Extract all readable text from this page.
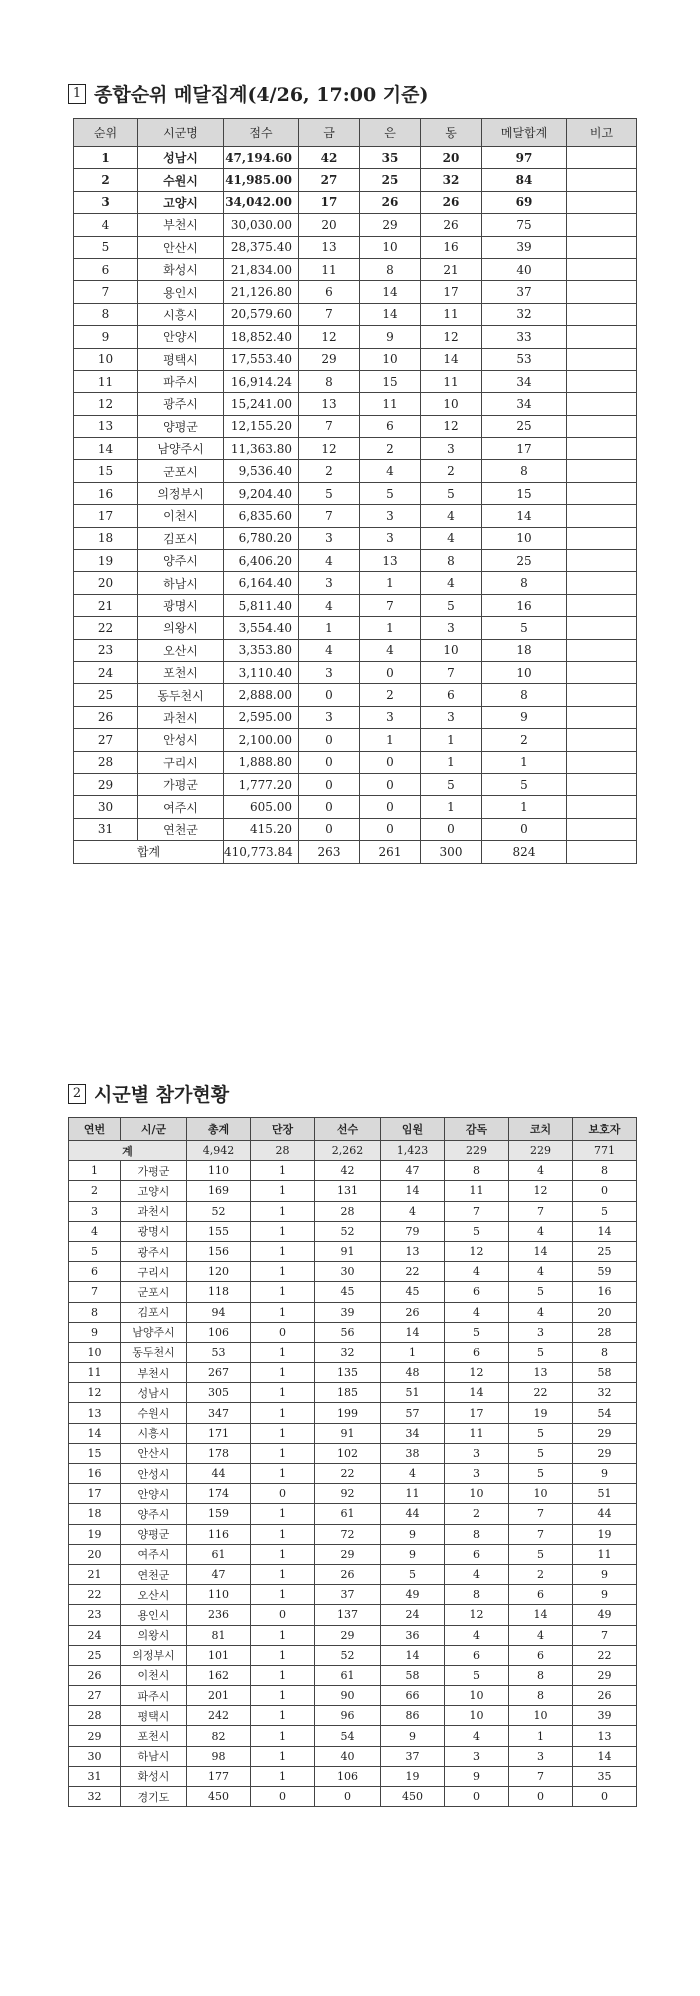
1 종합순위 메달집계(4/26, 17:00 기준)
순위	시군명	점수	금	은	동	메달합계	비고
1	성남시	47,194.60	42	35	20	97	
2	수원시	41,985.00	27	25	32	84	
3	고양시	34,042.00	17	26	26	69	
4	부천시	30,030.00	20	29	26	75	
5	안산시	28,375.40	13	10	16	39	
6	화성시	21,834.00	11	8	21	40	
7	용인시	21,126.80	6	14	17	37	
8	시흥시	20,579.60	7	14	11	32	
9	안양시	18,852.40	12	9	12	33	
10	평택시	17,553.40	29	10	14	53	
11	파주시	16,914.24	8	15	11	34	
12	광주시	15,241.00	13	11	10	34	
13	양평군	12,155.20	7	6	12	25	
14	남양주시	11,363.80	12	2	3	17	
15	군포시	9,536.40	2	4	2	8	
16	의정부시	9,204.40	5	5	5	15	
17	이천시	6,835.60	7	3	4	14	
18	김포시	6,780.20	3	3	4	10	
19	양주시	6,406.20	4	13	8	25	
20	하남시	6,164.40	3	1	4	8	
21	광명시	5,811.40	4	7	5	16	
22	의왕시	3,554.40	1	1	3	5	
23	오산시	3,353.80	4	4	10	18	
24	포천시	3,110.40	3	0	7	10	
25	동두천시	2,888.00	0	2	6	8	
26	과천시	2,595.00	3	3	3	9	
27	안성시	2,100.00	0	1	1	2	
28	구리시	1,888.80	0	0	1	1	
29	가평군	1,777.20	0	0	5	5	
30	여주시	605.00	0	0	1	1	
31	연천군	415.20	0	0	0	0	
합계		410,773.84	263	261	300	824	
2 시군별 참가현황
연번	시/군	총계	단장	선수	임원	감독	코치	보호자
계		4,942	28	2,262	1,423	229	229	771
1	가평군	110	1	42	47	8	4	8
2	고양시	169	1	131	14	11	12	0
3	과천시	52	1	28	4	7	7	5
4	광명시	155	1	52	79	5	4	14
5	광주시	156	1	91	13	12	14	25
6	구리시	120	1	30	22	4	4	59
7	군포시	118	1	45	45	6	5	16
8	김포시	94	1	39	26	4	4	20
9	남양주시	106	0	56	14	5	3	28
10	동두천시	53	1	32	1	6	5	8
11	부천시	267	1	135	48	12	13	58
12	성남시	305	1	185	51	14	22	32
13	수원시	347	1	199	57	17	19	54
14	시흥시	171	1	91	34	11	5	29
15	안산시	178	1	102	38	3	5	29
16	안성시	44	1	22	4	3	5	9
17	안양시	174	0	92	11	10	10	51
18	양주시	159	1	61	44	2	7	44
19	양평군	116	1	72	9	8	7	19
20	여주시	61	1	29	9	6	5	11
21	연천군	47	1	26	5	4	2	9
22	오산시	110	1	37	49	8	6	9
23	용인시	236	0	137	24	12	14	49
24	의왕시	81	1	29	36	4	4	7
25	의정부시	101	1	52	14	6	6	22
26	이천시	162	1	61	58	5	8	29
27	파주시	201	1	90	66	10	8	26
28	평택시	242	1	96	86	10	10	39
29	포천시	82	1	54	9	4	1	13
30	하남시	98	1	40	37	3	3	14
31	화성시	177	1	106	19	9	7	35
32	경기도	450	0	0	450	0	0	0
